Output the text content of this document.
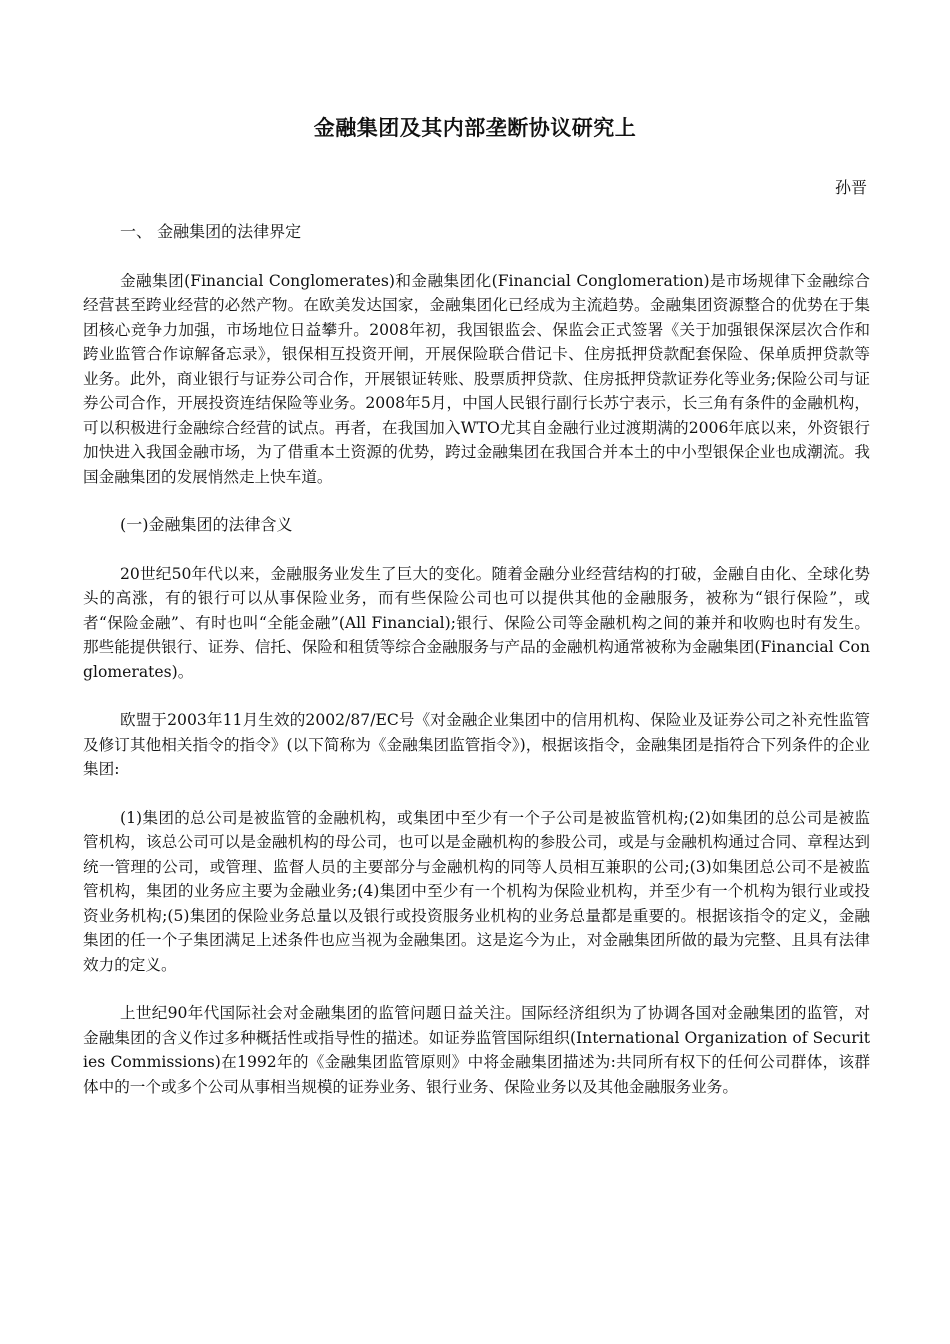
金融集团及其内部垄断协议研究上

孙晋

一、 金融集团的法律界定

金融集团(Financial Conglomerates)和金融集团化(Financial Conglomeration)是市场规律下金融综合经营甚至跨业经营的必然产物。在欧美发达国家，金融集团化已经成为主流趋势。金融集团资源整合的优势在于集团核心竞争力加强，市场地位日益攀升。2008年初，我国银监会、保监会正式签署《关于加强银保深层次合作和跨业监管合作谅解备忘录》，银保相互投资开闸，开展保险联合借记卡、住房抵押贷款配套保险、保单质押贷款等业务。此外，商业银行与证券公司合作，开展银证转账、股票质押贷款、住房抵押贷款证券化等业务;保险公司与证券公司合作，开展投资连结保险等业务。2008年5月，中国人民银行副行长苏宁表示，长三角有条件的金融机构，可以积极进行金融综合经营的试点。再者，在我国加入WTO尤其自金融行业过渡期满的2006年底以来，外资银行加快进入我国金融市场，为了借重本土资源的优势，跨过金融集团在我国合并本土的中小型银保企业也成潮流。我国金融集团的发展悄然走上快车道。

(一)金融集团的法律含义

20世纪50年代以来，金融服务业发生了巨大的变化。随着金融分业经营结构的打破，金融自由化、全球化势头的高涨，有的银行可以从事保险业务，而有些保险公司也可以提供其他的金融服务，被称为“银行保险”，或者“保险金融”、有时也叫“全能金融”(All Financial);银行、保险公司等金融机构之间的兼并和收购也时有发生。那些能提供银行、证券、信托、保险和租赁等综合金融服务与产品的金融机构通常被称为金融集团(Financial Conglomerates)。

欧盟于2003年11月生效的2002/87/EC号《对金融企业集团中的信用机构、保险业及证券公司之补充性监管及修订其他相关指令的指令》(以下简称为《金融集团监管指令》)，根据该指令，金融集团是指符合下列条件的企业集团:

(1)集团的总公司是被监管的金融机构，或集团中至少有一个子公司是被监管机构;(2)如集团的总公司是被监管机构，该总公司可以是金融机构的母公司，也可以是金融机构的参股公司，或是与金融机构通过合同、章程达到统一管理的公司，或管理、监督人员的主要部分与金融机构的同等人员相互兼职的公司;(3)如集团总公司不是被监管机构，集团的业务应主要为金融业务;(4)集团中至少有一个机构为保险业机构，并至少有一个机构为银行业或投资业务机构;(5)集团的保险业务总量以及银行或投资服务业机构的业务总量都是重要的。根据该指令的定义，金融集团的任一个子集团满足上述条件也应当视为金融集团。这是迄今为止，对金融集团所做的最为完整、且具有法律效力的定义。

上世纪90年代国际社会对金融集团的监管问题日益关注。国际经济组织为了协调各国对金融集团的监管，对金融集团的含义作过多种概括性或指导性的描述。如证券监管国际组织(International Organization of Securities Commissions)在1992年的《金融集团监管原则》中将金融集团描述为:共同所有权下的任何公司群体，该群体中的一个或多个公司从事相当规模的证券业务、银行业务、保险业务以及其他金融服务业务。
